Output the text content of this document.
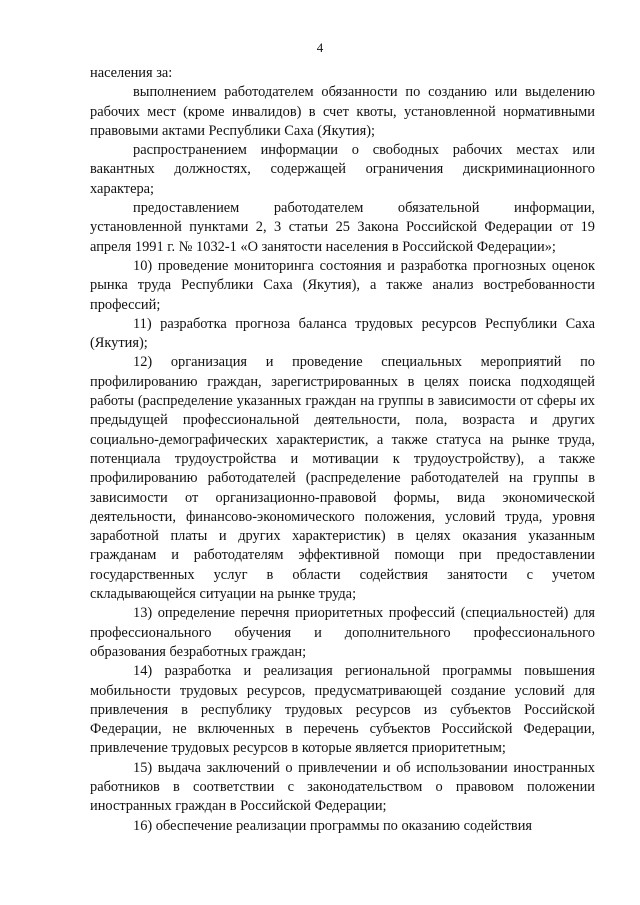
4

населения за:

выполнением работодателем обязанности по созданию или выделению рабочих мест (кроме инвалидов) в счет квоты, установленной нормативными правовыми актами Республики Саха (Якутия);

распространением информации о свободных рабочих местах или вакантных должностях, содержащей ограничения дискриминационного характера;

предоставлением работодателем обязательной информации, установленной пунктами 2, 3 статьи 25 Закона Российской Федерации от 19 апреля 1991 г. № 1032-1 «О занятости населения в Российской Федерации»;

10) проведение мониторинга состояния и разработка прогнозных оценок рынка труда Республики Саха (Якутия), а также анализ востребованности профессий;

11) разработка прогноза баланса трудовых ресурсов Республики Саха (Якутия);

12) организация и проведение специальных мероприятий по профилированию граждан, зарегистрированных в целях поиска подходящей работы (распределение указанных граждан на группы в зависимости от сферы их предыдущей профессиональной деятельности, пола, возраста и других социально-демографических характеристик, а также статуса на рынке труда, потенциала трудоустройства и мотивации к трудоустройству), а также профилированию работодателей (распределение работодателей на группы в зависимости от организационно-правовой формы, вида экономической деятельности, финансово-экономического положения, условий труда, уровня заработной платы и других характеристик) в целях оказания указанным гражданам и работодателям эффективной помощи при предоставлении государственных услуг в области содействия занятости с учетом складывающейся ситуации на рынке труда;

13) определение перечня приоритетных профессий (специальностей) для профессионального обучения и дополнительного профессионального образования безработных граждан;

14) разработка и реализация региональной программы повышения мобильности трудовых ресурсов, предусматривающей создание условий для привлечения в республику трудовых ресурсов из субъектов Российской Федерации, не включенных в перечень субъектов Российской Федерации, привлечение трудовых ресурсов в которые является приоритетным;

15) выдача заключений о привлечении и об использовании иностранных работников в соответствии с законодательством о правовом положении иностранных граждан в Российской Федерации;

16) обеспечение реализации программы по оказанию содействия
